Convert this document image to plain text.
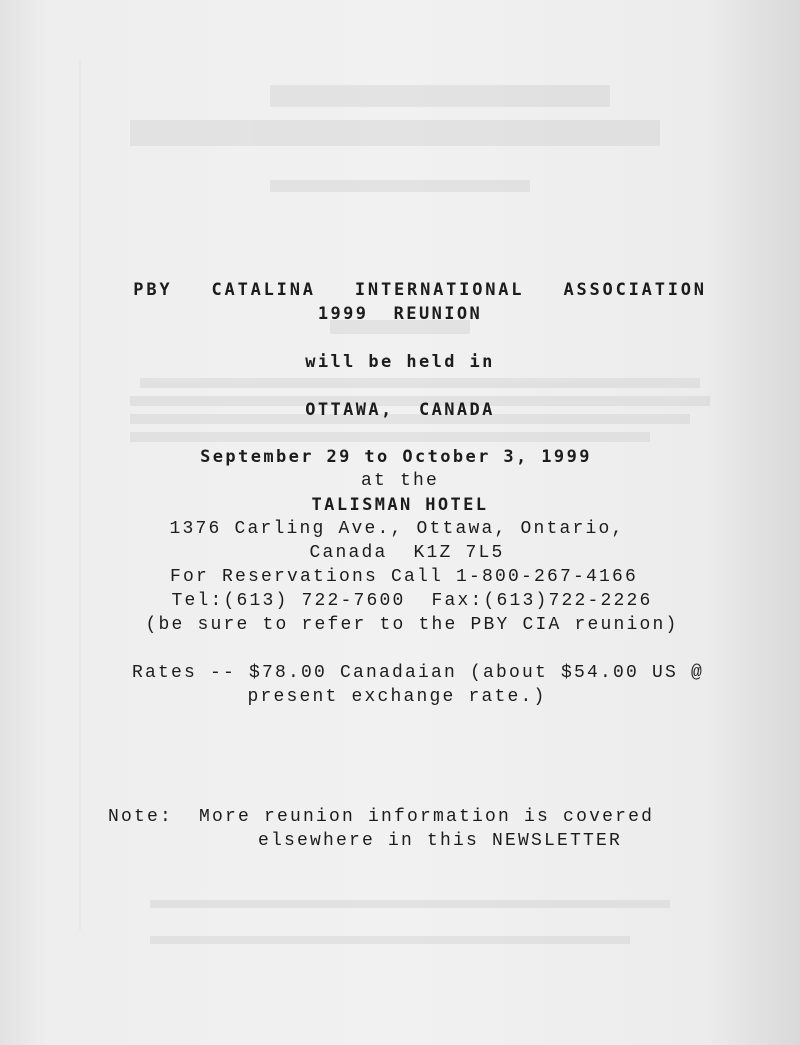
PBY CATALINA INTERNATIONAL ASSOCIATION

1999  REUNION
will be held in
OTTAWA,  CANADA
September 29 to October 3, 1999
at the
TALISMAN HOTEL
1376 Carling Ave., Ottawa, Ontario,
Canada  K1Z 7L5
For Reservations Call 1-800-267-4166
Tel:(613) 722-7600  Fax:(613)722-2226
(be sure to refer to the PBY CIA reunion)
Rates -- $78.00 Canadaian (about $54.00 US @
present exchange rate.)
Note:  More reunion information is covered
elsewhere in this NEWSLETTER
